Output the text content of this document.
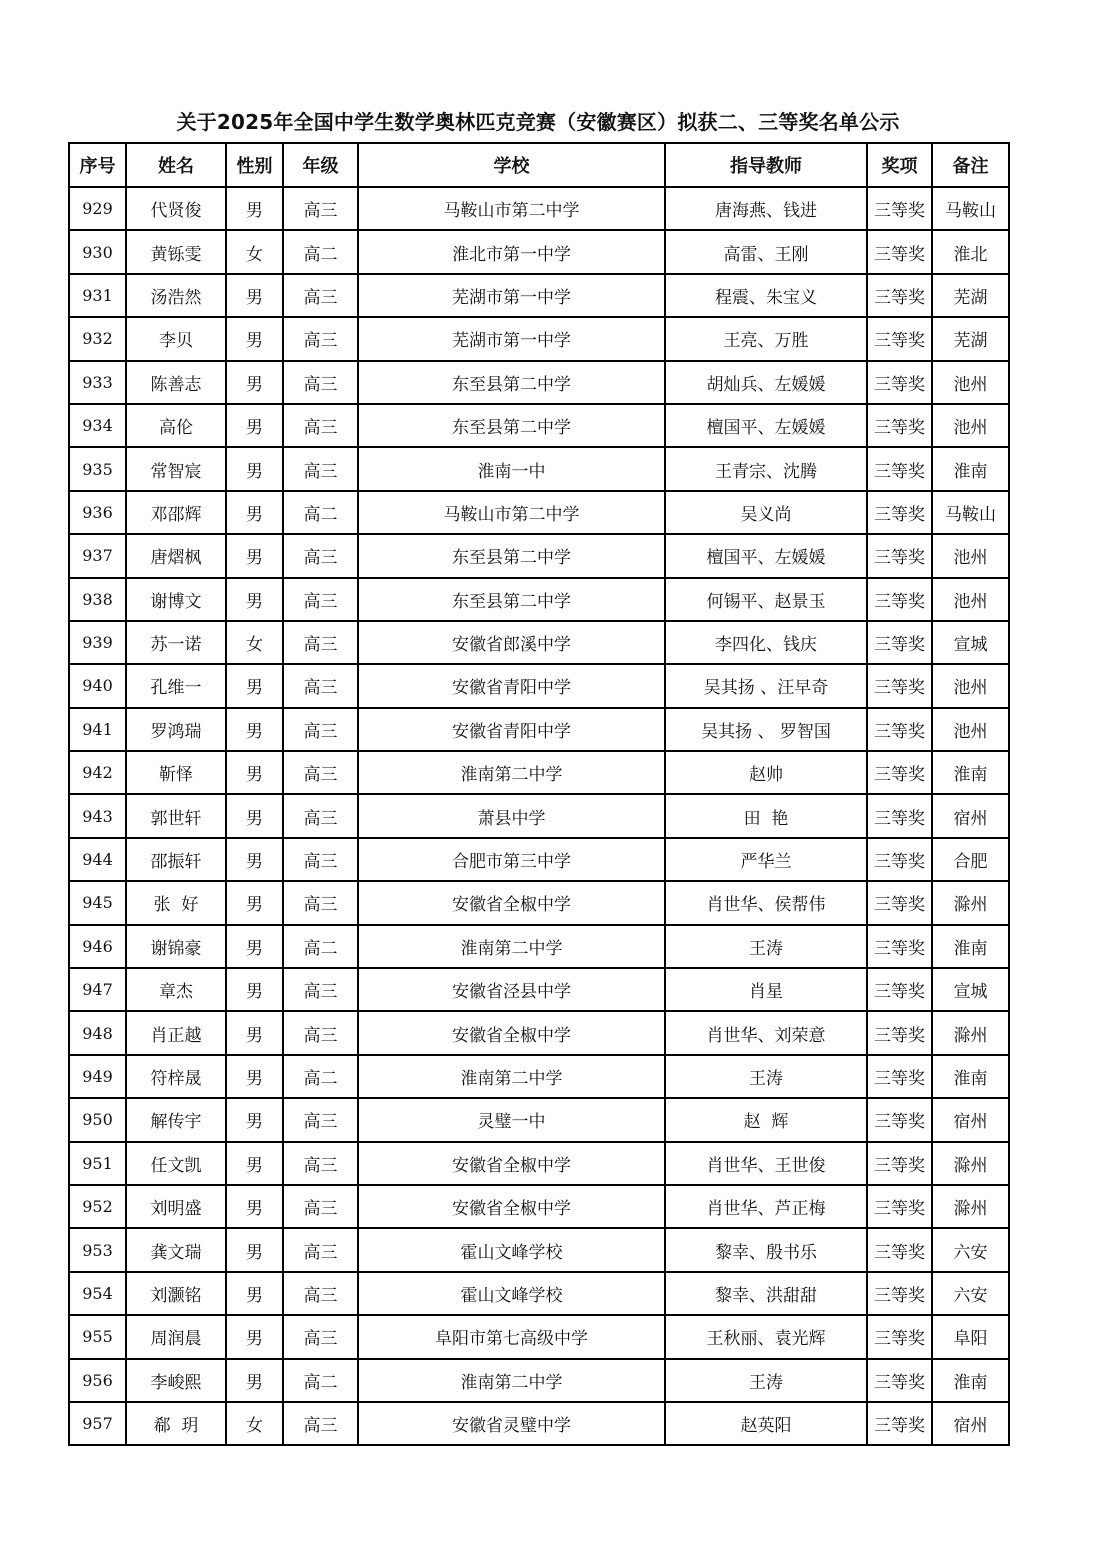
关于2025年全国中学生数学奥林匹克竞赛（安徽赛区）拟获二、三等奖名单公示
序号	姓名	性别	年级	学校	指导教师	奖项	备注
929	代贤俊	男	高三	马鞍山市第二中学	唐海燕、钱进	三等奖	马鞍山
930	黄铄雯	女	高二	淮北市第一中学	高雷、王刚	三等奖	淮北
931	汤浩然	男	高三	芜湖市第一中学	程震、朱宝义	三等奖	芜湖
932	李贝	男	高三	芜湖市第一中学	王亮、万胜	三等奖	芜湖
933	陈善志	男	高三	东至县第二中学	胡灿兵、左媛媛	三等奖	池州
934	高伦	男	高三	东至县第二中学	檀国平、左媛媛	三等奖	池州
935	常智宸	男	高三	淮南一中	王青宗、沈腾	三等奖	淮南
936	邓邵辉	男	高二	马鞍山市第二中学	吴义尚	三等奖	马鞍山
937	唐熠枫	男	高三	东至县第二中学	檀国平、左媛媛	三等奖	池州
938	谢博文	男	高三	东至县第二中学	何锡平、赵景玉	三等奖	池州
939	苏一诺	女	高三	安徽省郎溪中学	李四化、钱庆	三等奖	宣城
940	孔维一	男	高三	安徽省青阳中学	吴其扬 、汪早奇	三等奖	池州
941	罗鸿瑞	男	高三	安徽省青阳中学	吴其扬 、 罗智国	三等奖	池州
942	靳怿	男	高三	淮南第二中学	赵帅	三等奖	淮南
943	郭世轩	男	高三	萧县中学	田  艳	三等奖	宿州
944	邵振轩	男	高三	合肥市第三中学	严华兰	三等奖	合肥
945	张  好	男	高三	安徽省全椒中学	肖世华、侯帮伟	三等奖	滁州
946	谢锦豪	男	高二	淮南第二中学	王涛	三等奖	淮南
947	章杰	男	高三	安徽省泾县中学	肖星	三等奖	宣城
948	肖正越	男	高三	安徽省全椒中学	肖世华、刘荣意	三等奖	滁州
949	符梓晟	男	高二	淮南第二中学	王涛	三等奖	淮南
950	解传宇	男	高三	灵璧一中	赵  辉	三等奖	宿州
951	任文凯	男	高三	安徽省全椒中学	肖世华、王世俊	三等奖	滁州
952	刘明盛	男	高三	安徽省全椒中学	肖世华、芦正梅	三等奖	滁州
953	龚文瑞	男	高三	霍山文峰学校	黎幸、殷书乐	三等奖	六安
954	刘灏铭	男	高三	霍山文峰学校	黎幸、洪甜甜	三等奖	六安
955	周润晨	男	高三	阜阳市第七高级中学	王秋丽、袁光辉	三等奖	阜阳
956	李峻熙	男	高二	淮南第二中学	王涛	三等奖	淮南
957	郗  玥	女	高三	安徽省灵璧中学	赵英阳	三等奖	宿州
